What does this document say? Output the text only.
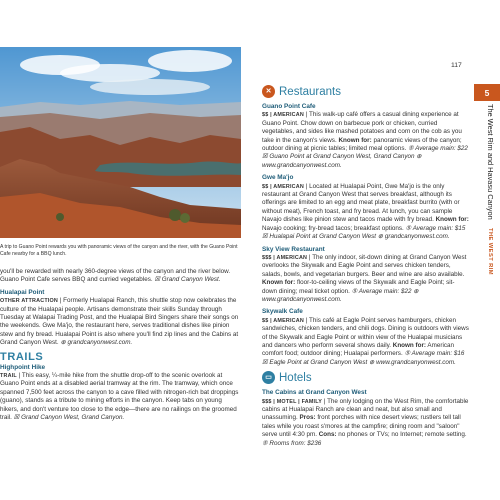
A trip to Guano Point rewards you with panoramic views of the canyon and the river, with the Guano Point Cafe nearby for a BBQ lunch.

you'll be rewarded with nearly 360-degree views of the canyon and the river below. Guano Point Cafe serves BBQ and curried vegetables. ☒ Grand Canyon West.

Hualapai Point

OTHER ATTRACTION | Formerly Hualapai Ranch, this shuttle stop now celebrates the culture of the Hualapai people. Artisans demonstrate their skills Sunday through Tuesday at Walapai Trading Post, and the Hualapai Bird Singers share their songs on the weekends. Gwe Ma'jo, the restaurant here, serves traditional dishes like pinion stew and fry bread. Hualapai Point is also where you'll find zip lines and the Cabins at Grand Canyon West. ⊕ grandcanyonwest.com.

TRAILS
Highpoint Hike

TRAIL | This easy, ¼-mile hike from the shuttle drop-off to the scenic overlook at Guano Point ends at a disabled aerial tramway at the rim. The tramway, which once spanned 7,500 feet across the canyon to a cave filled with nitrogen-rich bat droppings (guano), stands as a tribute to mining efforts in the canyon. Keep tabs on young hikers, and don't venture too close to the edge—there are no railings on the groomed trail. ☒ Grand Canyon West, Grand Canyon.

117
5
The West Rim and Havasu Canyon THE WEST RIM
✕ Restaurants
Guano Point Cafe

$$ | AMERICAN | This walk-up café offers a casual dining experience at Guano Point. Chow down on barbecue pork or chicken, curried vegetables, and sides like mashed potatoes and corn on the cob as you take in the canyon's views. Known for: panoramic views of the canyon; outdoor dining at picnic tables; limited meal options. ⑤ Average main: $22 ☒ Guano Point at Grand Canyon West, Grand Canyon ⊕ www.grandcanyonwest.com.

Gwe Ma'jo

$$ | AMERICAN | Located at Hualapai Point, Gwe Ma'jo is the only restaurant at Grand Canyon West that serves breakfast, although its offerings are limited to an egg and meat plate, breakfast burrito (with or without meat), French toast, and fry bread. At lunch, you can sample Navajo dishes like pinion stew and tacos made with fry bread. Known for: Navajo cooking; fry-bread tacos; breakfast options. ⑤ Average main: $15 ☒ Hualapai Point at Grand Canyon West ⊕ grandcanyonwest.com.

Sky View Restaurant

$$$ | AMERICAN | The only indoor, sit-down dining at Grand Canyon West overlooks the Skywalk and Eagle Point and serves chicken tenders, salads, bowls, and vegetarian burgers. Beer and wine are also available. Known for: floor-to-ceiling views of the Skywalk and Eagle Point; sit-down dining; meal ticket option. ⑤ Average main: $22 ⊕ www.grandcanyonwest.com.

Skywalk Cafe

$$ | AMERICAN | This café at Eagle Point serves hamburgers, chicken sandwiches, chicken tenders, and chili dogs. Dining is outdoors with views of the Skywalk and Eagle Point or within view of the Hualapai musicians and dancers who perform several shows daily. Known for: American comfort food; outdoor dining; Hualapai performers. ⑤ Average main: $16 ☒ Eagle Point at Grand Canyon West ⊕ www.grandcanyonwest.com.

▭ Hotels
The Cabins at Grand Canyon West

$$$ | MOTEL | FAMILY | The only lodging on the West Rim, the comfortable cabins at Hualapai Ranch are clean and neat, but also small and unassuming. Pros: front porches with nice desert views; rustlers tell tall tales while you roast s'mores at the campfire; dining room and "saloon" serve until 4:30 pm. Cons: no phones or TVs; no Internet; remote setting. ⑤ Rooms from: $236
